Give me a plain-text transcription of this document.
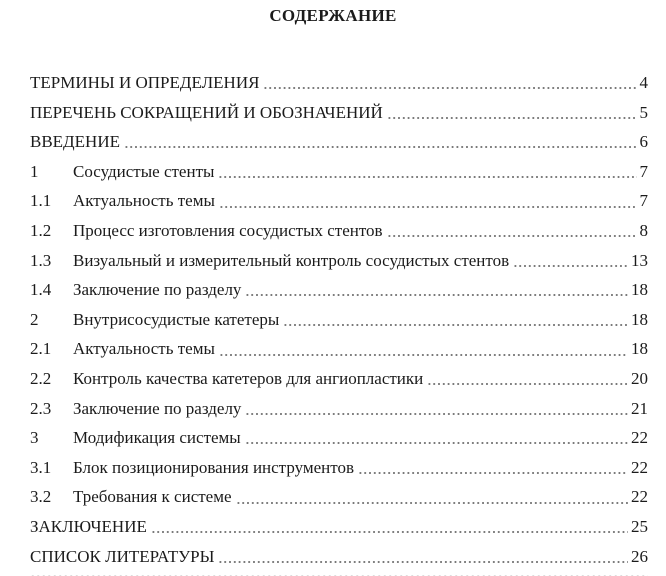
СОДЕРЖАНИЕ
ТЕРМИНЫ И ОПРЕДЕЛЕНИЯ	4
ПЕРЕЧЕНЬ СОКРАЩЕНИЙ И ОБОЗНАЧЕНИЙ	5
ВВЕДЕНИЕ	6
1	Сосудистые стенты	7
1.1	Актуальность темы	7
1.2	Процесс изготовления сосудистых стентов	8
1.3	Визуальный и измерительный контроль сосудистых стентов	13
1.4	Заключение по разделу	18
2	Внутрисосудистые катетеры	18
2.1	Актуальность темы	18
2.2	Контроль качества катетеров для ангиопластики	20
2.3	Заключение по разделу	21
3	Модификация системы	22
3.1	Блок позиционирования инструментов	22
3.2	Требования к системе	22
ЗАКЛЮЧЕНИЕ	25
СПИСОК ЛИТЕРАТУРЫ	26
